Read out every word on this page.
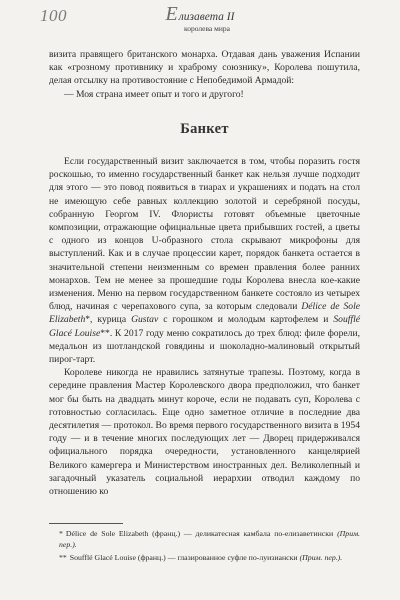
100	Елизавета II
королева мира

визита правящего британского монарха. Отдавая дань уважения Испании как «грозному противнику и храброму союзнику», Королева пошутила, делая отсылку на противостояние с Непобедимой Армадой:

— Моя страна имеет опыт и того и другого!

Банкет

Если государственный визит заключается в том, чтобы поразить гостя роскошью, то именно государственный банкет как нельзя лучше подходит для этого — это повод появиться в тиарах и украшениях и подать на стол не имеющую себе равных коллекцию золотой и серебряной посуды, собранную Георгом IV. Флористы готовят объемные цветочные композиции, отражающие официальные цвета прибывших гостей, а цветы с одного из концов U-образного стола скрывают микрофоны для выступлений. Как и в случае процессии карет, порядок банкета остается в значительной степени неизменным со времен правления более ранних монархов. Тем не менее за прошедшие годы Королева внесла кое-какие изменения. Меню на первом государственном банкете состояло из четырех блюд, начиная с черепахового супа, за которым следовали Délice de Sole Elizabeth*, курица Gustav с горошком и молодым картофелем и Soufflé Glacé Louise**. К 2017 году меню сократилось до трех блюд: филе форели, медальон из шотландской говядины и шоколадно-малиновый открытый пирог-тарт.

Королеве никогда не нравились затянутые трапезы. Поэтому, когда в середине правления Мастер Королевского двора предположил, что банкет мог бы быть на двадцать минут короче, если не подавать суп, Королева с готовностью согласилась. Еще одно заметное отличие в последние два десятилетия — протокол. Во время первого государственного визита в 1954 году — и в течение многих последующих лет — Дворец придерживался официального порядка очередности, установленного канцелярией Великого камергера и Министерством иностранных дел. Великолепный и загадочный указатель социальной иерархии отводил каждому по отношению ко

* Délice de Sole Elizabeth (франц.) — деликатесная камбала по-елизаветински (Прим. пер.).

** Soufflé Glacé Louise (франц.) — глазированное суфле по-луизиански (Прим. пер.).
